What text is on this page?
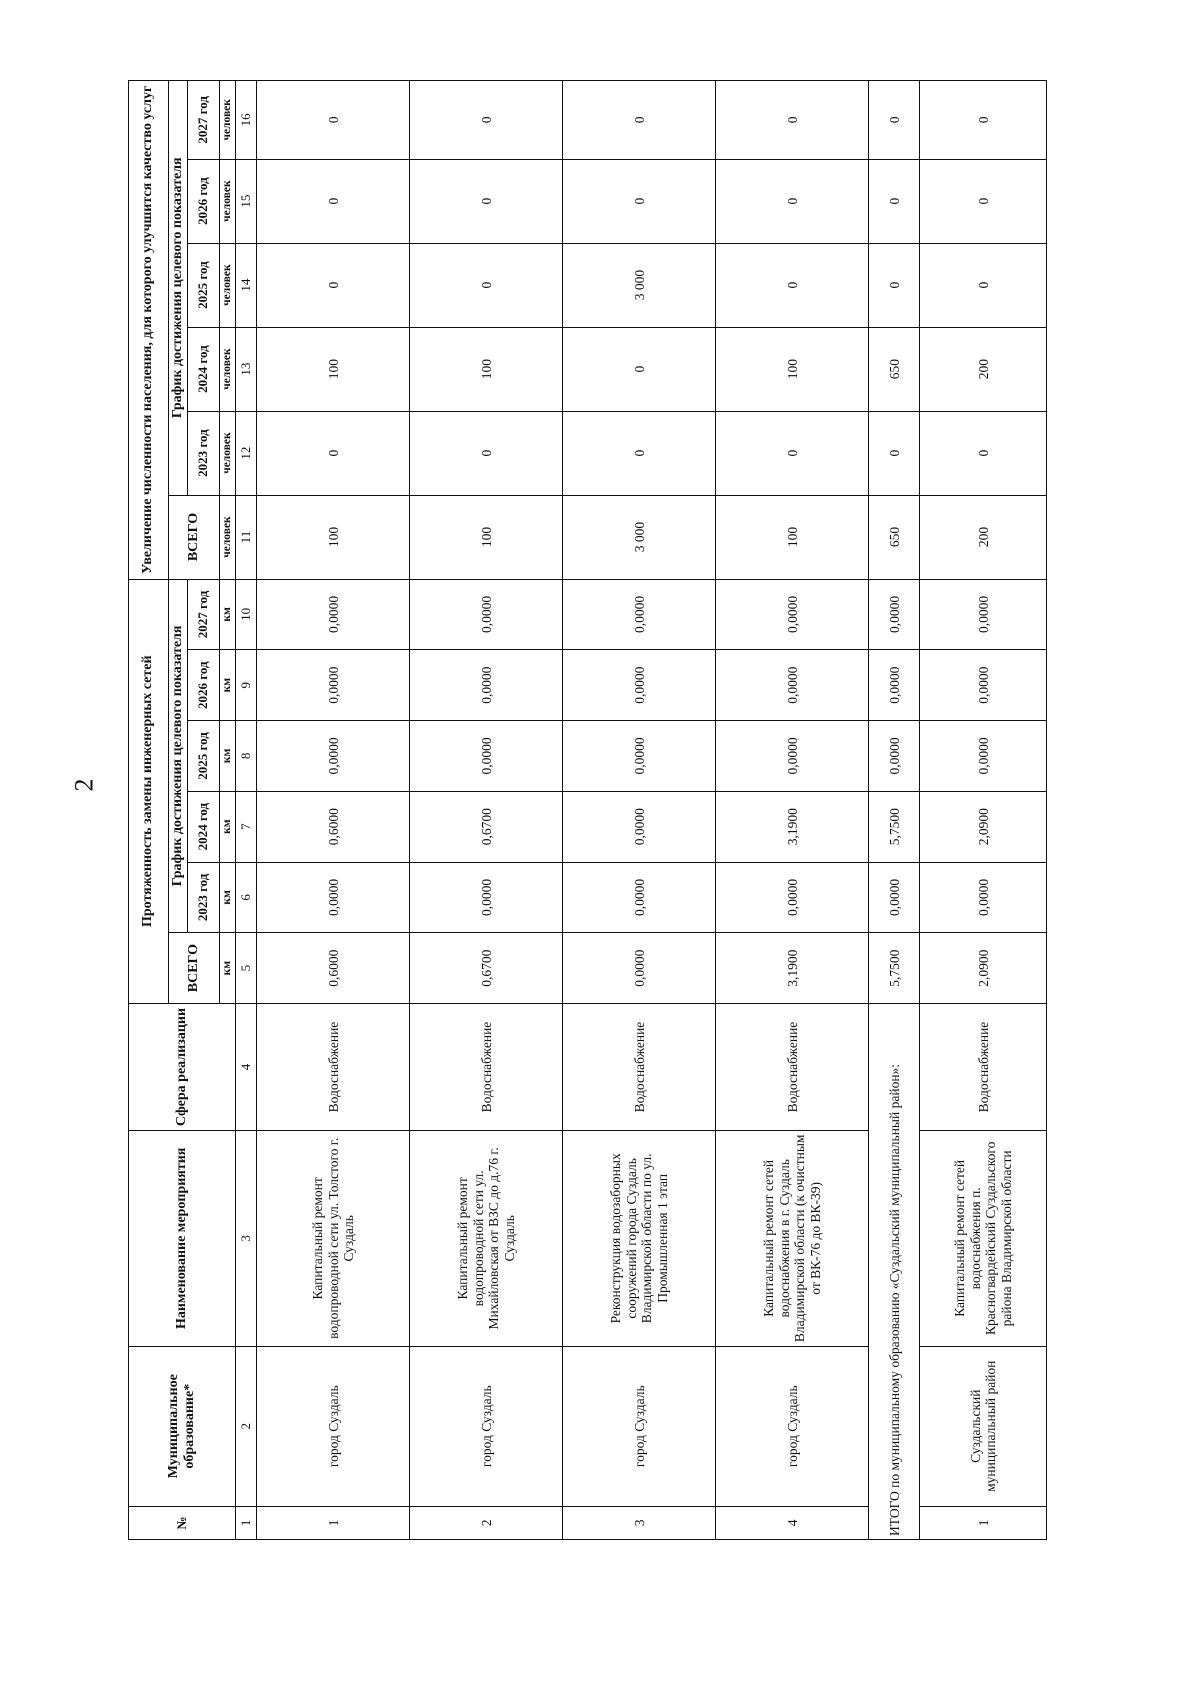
2
№	Муниципальное образование*	Наименование мероприятия	Сфера реализации	Протяженность замены инженерных сетей						Увеличение численности населения, для которого улучшится качество услуг					
				ВСЕГО	График достижения целевого показателя					ВСЕГО	График достижения целевого показателя				
					2023 год	2024 год	2025 год	2026 год	2027 год		2023 год	2024 год	2025 год	2026 год	2027 год
				км	км	км	км	км	км	человек	человек	человек	человек	человек	человек
1	2	3	4	5	6	7	8	9	10	11	12	13	14	15	16
1	город Суздаль	Капитальный ремонт водопроводной сети ул. Толстого г. Суздаль	Водоснабжение	0,6000	0,0000	0,6000	0,0000	0,0000	0,0000	100	0	100	0	0	0
2	город Суздаль	Капитальный ремонт водопроводной сети ул. Михайловская от ВЗС до д.76 г. Суздаль	Водоснабжение	0,6700	0,0000	0,6700	0,0000	0,0000	0,0000	100	0	100	0	0	0
3	город Суздаль	Реконструкция водозаборных сооружений города Суздаль Владимирской области по ул. Промышленная 1 этап	Водоснабжение	0,0000	0,0000	0,0000	0,0000	0,0000	0,0000	3 000	0	0	3 000	0	0
4	город Суздаль	Капитальный ремонт сетей водоснабжения в г. Суздаль Владимирской области (к очистным от ВК-76 до ВК-39)	Водоснабжение	3,1900	0,0000	3,1900	0,0000	0,0000	0,0000	100	0	100	0	0	0
ИТОГО по муниципальному образованию «Суздальский муниципальный район»:				5,7500	0,0000	5,7500	0,0000	0,0000	0,0000	650	0	650	0	0	0
1	Суздальский муниципальный район	Капитальный ремонт сетей водоснабжения п. Красногвардейский Суздальского района Владимирской области	Водоснабжение	2,0900	0,0000	2,0900	0,0000	0,0000	0,0000	200	0	200	0	0	0
